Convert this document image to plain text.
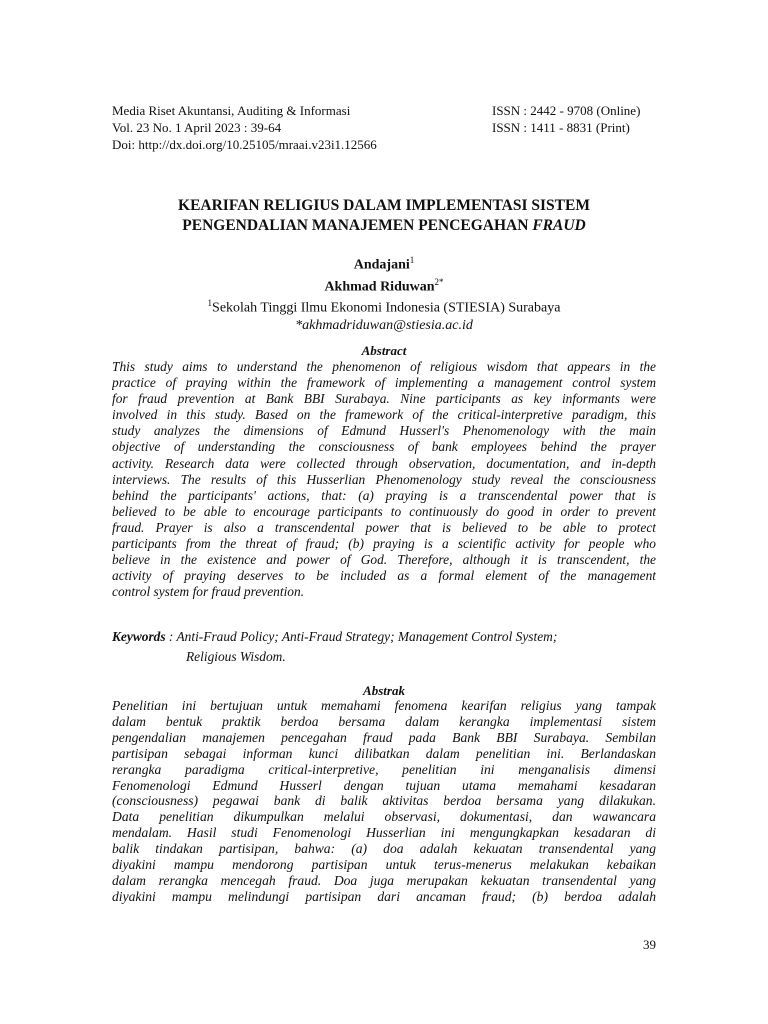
Media Riset Akuntansi, Auditing & Informasi
Vol. 23 No. 1 April 2023 : 39-64
Doi: http://dx.doi.org/10.25105/mraai.v23i1.12566
ISSN : 2442 - 9708 (Online)
ISSN : 1411 - 8831 (Print)
KEARIFAN RELIGIUS DALAM IMPLEMENTASI SISTEM
PENGENDALIAN MANAJEMEN PENCEGAHAN FRAUD
Andajani$^1$
Akhmad Riduwan$^{2*}$
$^1$Sekolah Tinggi Ilmu Ekonomi Indonesia (STIESIA) Surabaya
*akhmadriduwan@stiesia.ac.id
Abstract
This study aims to understand the phenomenon of religious wisdom that appears in the
practice of praying within the framework of implementing a management control system
for fraud prevention at Bank BBI Surabaya. Nine participants as key informants were
involved in this study. Based on the framework of the critical-interpretive paradigm, this
study analyzes the dimensions of Edmund Husserl's Phenomenology with the main
objective of understanding the consciousness of bank employees behind the prayer
activity. Research data were collected through observation, documentation, and in-depth
interviews. The results of this Husserlian Phenomenology study reveal the consciousness
behind the participants' actions, that: (a) praying is a transcendental power that is
believed to be able to encourage participants to continuously do good in order to prevent
fraud. Prayer is also a transcendental power that is believed to be able to protect
participants from the threat of fraud; (b) praying is a scientific activity for people who
believe in the existence and power of God. Therefore, although it is transcendent, the
activity of praying deserves to be included as a formal element of the management
control system for fraud prevention.
Keywords : Anti-Fraud Policy; Anti-Fraud Strategy; Management Control System;
Religious Wisdom.
Abstrak
Penelitian ini bertujuan untuk memahami fenomena kearifan religius yang tampak
dalam bentuk praktik berdoa bersama dalam kerangka implementasi sistem
pengendalian manajemen pencegahan fraud pada Bank BBI Surabaya. Sembilan
partisipan sebagai informan kunci dilibatkan dalam penelitian ini. Berlandaskan
rerangka paradigma critical-interpretive, penelitian ini menganalisis dimensi
Fenomenologi Edmund Husserl dengan tujuan utama memahami kesadaran
(consciousness) pegawai bank di balik aktivitas berdoa bersama yang dilakukan.
Data penelitian dikumpulkan melalui observasi, dokumentasi, dan wawancara
mendalam. Hasil studi Fenomenologi Husserlian ini mengungkapkan kesadaran di
balik tindakan partisipan, bahwa: (a) doa adalah kekuatan transendental yang
diyakini mampu mendorong partisipan untuk terus-menerus melakukan kebaikan
dalam rerangka mencegah fraud. Doa juga merupakan kekuatan transendental yang
diyakini mampu melindungi partisipan dari ancaman fraud; (b) berdoa adalah
39
